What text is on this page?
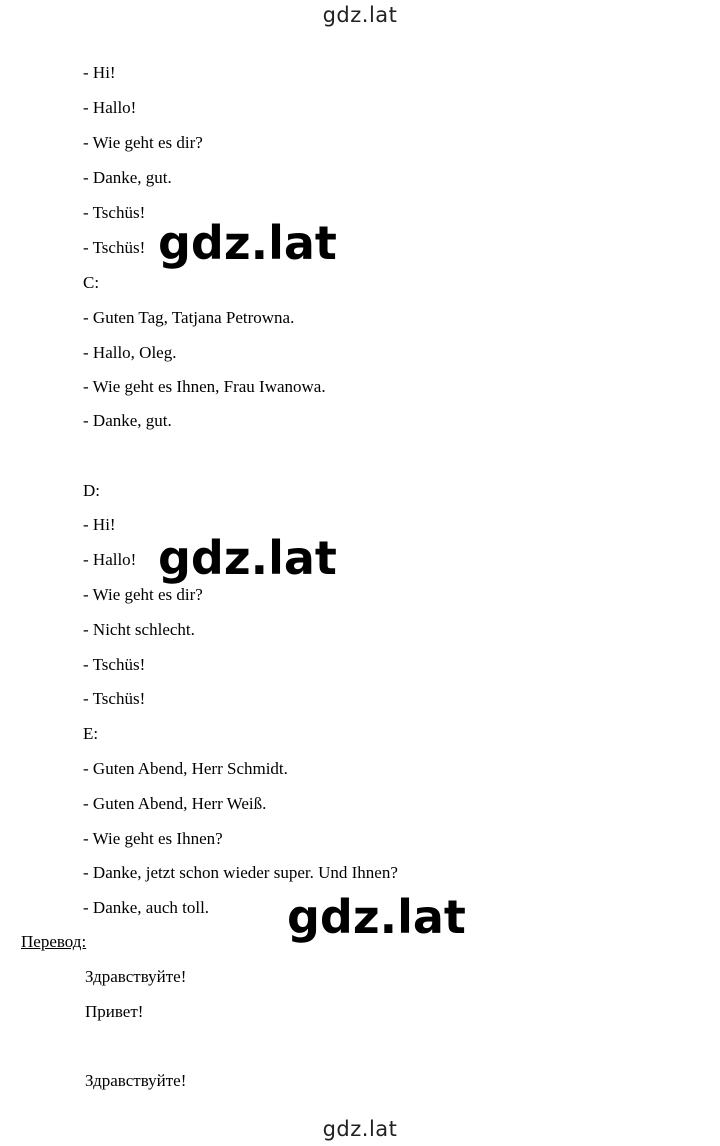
gdz.lat
- Hi!
- Hallo!
- Wie geht es dir?
- Danke, gut.
- Tschüs!
- Tschüs!
C:
- Guten Tag, Tatjana Petrowna.
- Hallo, Oleg.
- Wie geht es Ihnen, Frau Iwanowa.
- Danke, gut.
D:
- Hi!
- Hallo!
- Wie geht es dir?
- Nicht schlecht.
- Tschüs!
- Tschüs!
E:
- Guten Abend, Herr Schmidt.
- Guten Abend, Herr Weiß.
- Wie geht es Ihnen?
- Danke, jetzt schon wieder super. Und Ihnen?
- Danke, auch toll.
Перевод:
Здравствуйте!
Привет!
Здравствуйте!
gdz.lat
gdz.lat
gdz.lat
gdz.lat
